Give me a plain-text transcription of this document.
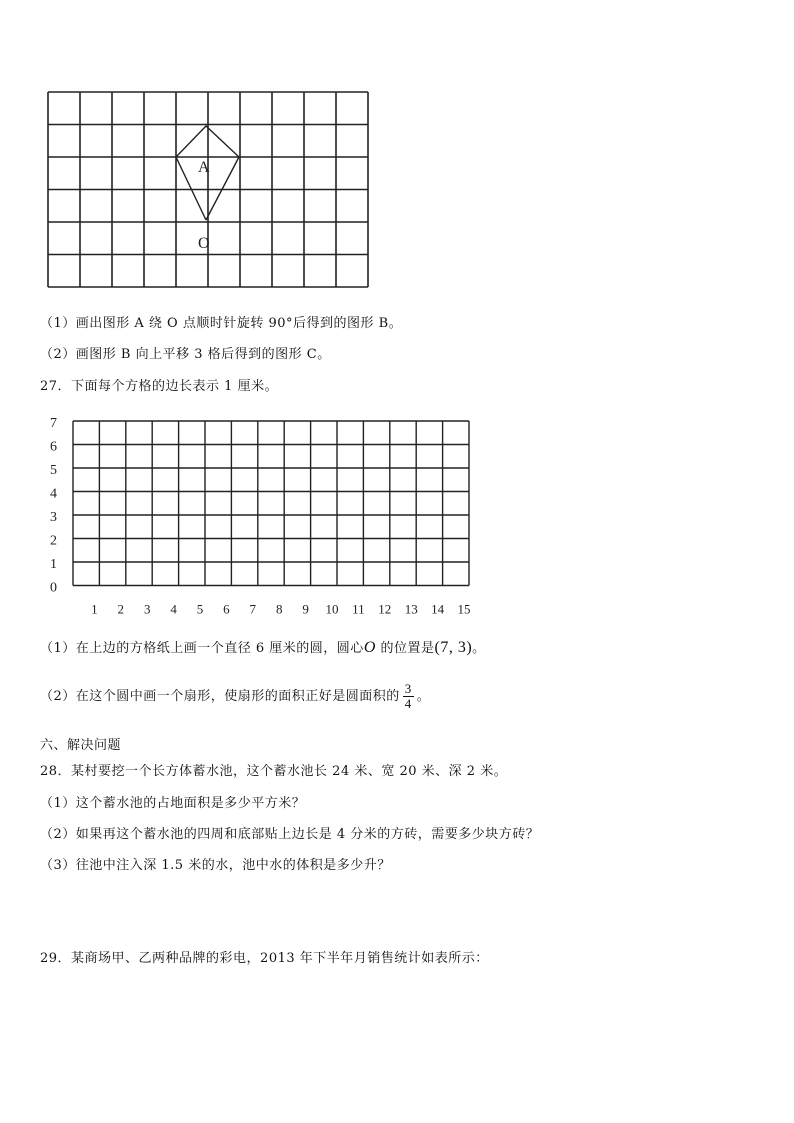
A
O
（1）画出图形 A 绕 O 点顺时针旋转 90°后得到的图形 B。
（2）画图形 B 向上平移 3 格后得到的图形 C。
27．下面每个方格的边长表示 1 厘米。
0
1
2
3
4
5
6
7
1 2 3 4 5 6 7 8 9 10 11 12 13 14 15
（1）在上边的方格纸上画一个直径 6 厘米的圆，圆心O 的位置是(7, 3)。
（2）在这个圆中画一个扇形，使扇形的面积正好是圆面积的 $\frac{3}{4}$ 。
六、解决问题
28．某村要挖一个长方体蓄水池，这个蓄水池长 24 米、宽 20 米、深 2 米。
（1）这个蓄水池的占地面积是多少平方米？
（2）如果再这个蓄水池的四周和底部贴上边长是 4 分米的方砖，需要多少块方砖？
（3）往池中注入深 1.5 米的水，池中水的体积是多少升？
29．某商场甲、乙两种品牌的彩电，2013 年下半年月销售统计如表所示：
